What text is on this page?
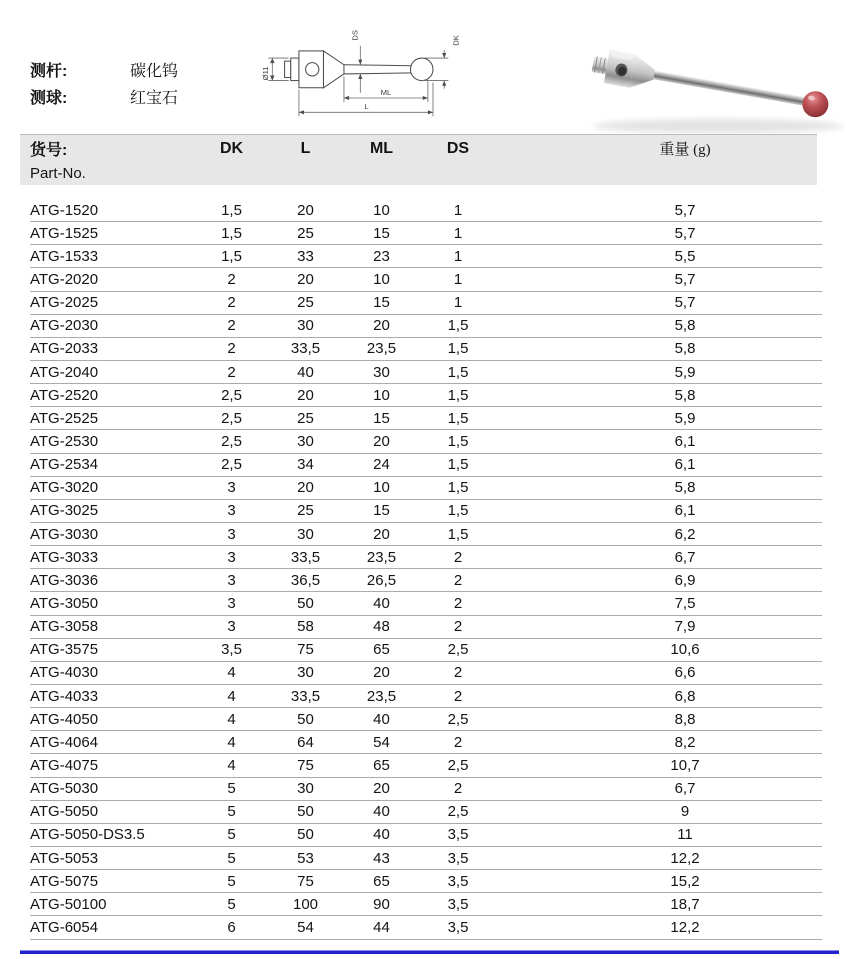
测杆:	碳化钨
测球:	红宝石
Ø11
DS	DK
ML
L
货号:	DK	L	ML	DS	重量 (g)
Part-No.
ATG-1520	1,5	20	10	1	5,7
ATG-1525	1,5	25	15	1	5,7
ATG-1533	1,5	33	23	1	5,5
ATG-2020	2	20	10	1	5,7
ATG-2025	2	25	15	1	5,7
ATG-2030	2	30	20	1,5	5,8
ATG-2033	2	33,5	23,5	1,5	5,8
ATG-2040	2	40	30	1,5	5,9
ATG-2520	2,5	20	10	1,5	5,8
ATG-2525	2,5	25	15	1,5	5,9
ATG-2530	2,5	30	20	1,5	6,1
ATG-2534	2,5	34	24	1,5	6,1
ATG-3020	3	20	10	1,5	5,8
ATG-3025	3	25	15	1,5	6,1
ATG-3030	3	30	20	1,5	6,2
ATG-3033	3	33,5	23,5	2	6,7
ATG-3036	3	36,5	26,5	2	6,9
ATG-3050	3	50	40	2	7,5
ATG-3058	3	58	48	2	7,9
ATG-3575	3,5	75	65	2,5	10,6
ATG-4030	4	30	20	2	6,6
ATG-4033	4	33,5	23,5	2	6,8
ATG-4050	4	50	40	2,5	8,8
ATG-4064	4	64	54	2	8,2
ATG-4075	4	75	65	2,5	10,7
ATG-5030	5	30	20	2	6,7
ATG-5050	5	50	40	2,5	9
ATG-5050-DS3.5	5	50	40	3,5	11
ATG-5053	5	53	43	3,5	12,2
ATG-5075	5	75	65	3,5	15,2
ATG-50100	5	100	90	3,5	18,7
ATG-6054	6	54	44	3,5	12,2
